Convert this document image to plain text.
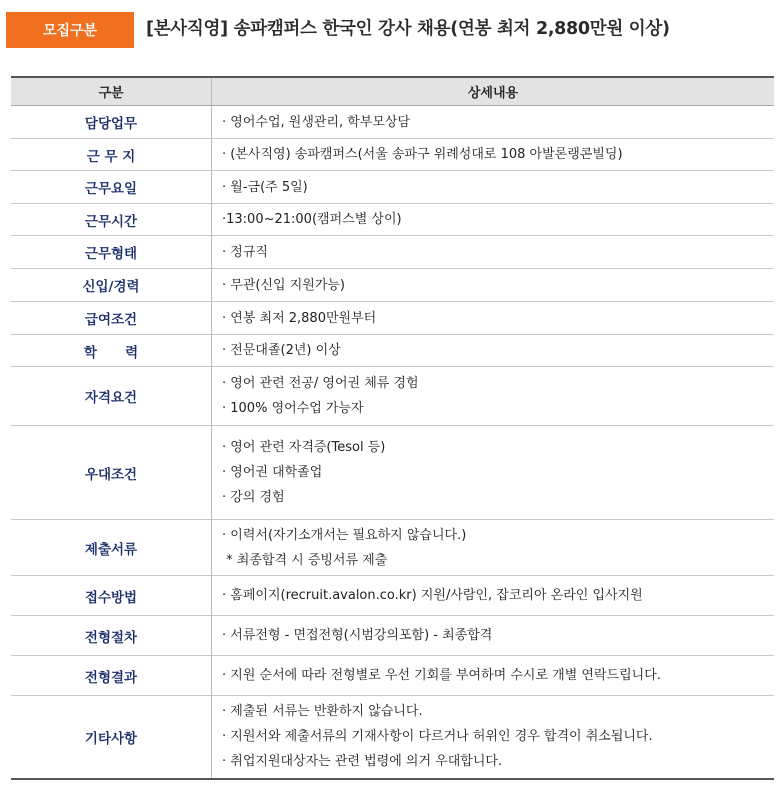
모집구분	[본사직영] 송파캠퍼스 한국인 강사 채용(연봉 최저 2,880만원 이상)
구분	상세내용
담당업무	· 영어수업, 원생관리, 학부모상담

근 무 지	· (본사직영) 송파캠퍼스(서울 송파구 위례성대로 108 아발론랭콘빌딩)

근무요일	· 월-금(주 5일)

근무시간	·13:00~21:00(캠퍼스별 상이)

근무형태	· 정규직

신입/경력	· 무관(신입 지원가능)

급여조건	· 연봉 최저 2,880만원부터

학      력	· 전문대졸(2년) 이상

자격요건	· 영어 관련 전공/ 영어권 체류 경험
· 100% 영어수업 가능자

우대조건	· 영어 관련 자격증(Tesol 등)
· 영어권 대학졸업
· 강의 경험

제출서류	· 이력서(자기소개서는 필요하지 않습니다.)
* 최종합격 시 증빙서류 제출

접수방법	· 홈페이지(recruit.avalon.co.kr) 지원/사람인, 잡코리아 온라인 입사지원

전형절차	· 서류전형 - 면접전형(시범강의포함) - 최종합격

전형결과	· 지원 순서에 따라 전형별로 우선 기회를 부여하며 수시로 개별 연락드립니다.

기타사항	· 제출된 서류는 반환하지 않습니다.
· 지원서와 제출서류의 기재사항이 다르거나 허위인 경우 합격이 취소됩니다.
· 취업지원대상자는 관련 법령에 의거 우대합니다.
